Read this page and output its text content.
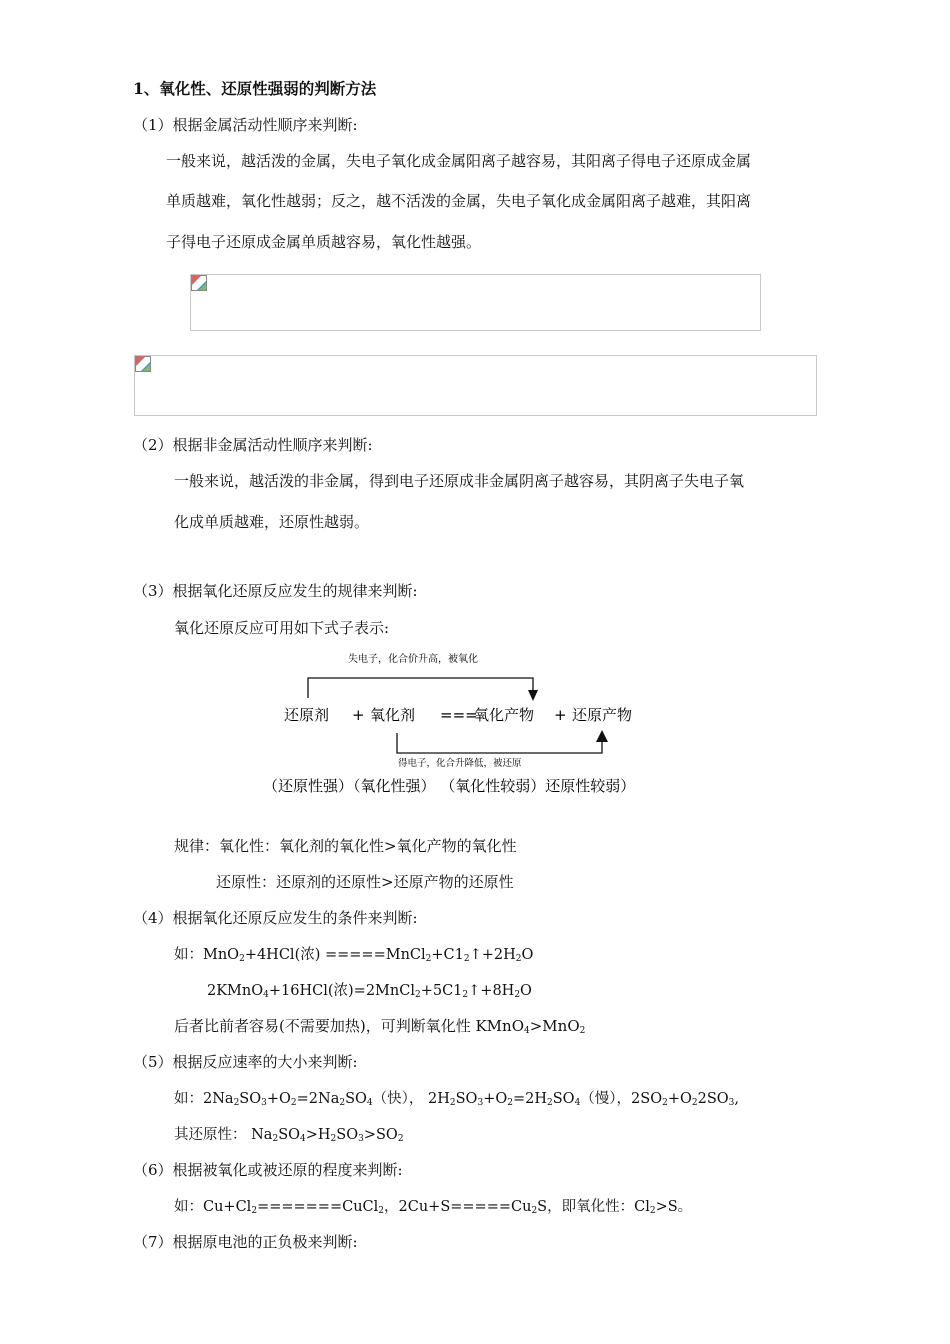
1、氧化性、还原性强弱的判断方法
（1）根据金属活动性顺序来判断:
一般来说，越活泼的金属，失电子氧化成金属阳离子越容易，其阳离子得电子还原成金属
单质越难，氧化性越弱；反之，越不活泼的金属，失电子氧化成金属阳离子越难，其阳离
子得电子还原成金属单质越容易，氧化性越强。
（2）根据非金属活动性顺序来判断:
一般来说，越活泼的非金属，得到电子还原成非金属阴离子越容易，其阴离子失电子氧
化成单质越难，还原性越弱。
（3）根据氧化还原反应发生的规律来判断:
氧化还原反应可用如下式子表示:
失电子，化合价升高，被氧化
还原剂 + 氧化剂 ===
氧化产物 + 还原产物
得电子，化合升降低，被还原
（还原性强）（氧化性强） （氧化性较弱）还原性较弱）
规律：氧化性：氧化剂的氧化性>氧化产物的氧化性
还原性：还原剂的还原性>还原产物的还原性
（4）根据氧化还原反应发生的条件来判断:
如：MnO$_2$+4HCl(浓) $=====MnCl_2+C1_2↑+2H_2O$
2KMnO$_4$+16HCl(浓)$=2MnCl_2+5C1_2↑+8H_2O$
后者比前者容易(不需要加热)，可判断氧化性 KMnO$_4$>MnO$_2$
（5）根据反应速率的大小来判断:
如：$2Na_2SO_3+O_2=2Na_2SO_4$（快）， $2H_2SO_3+O_2=2H_2SO_4$（慢），$2SO_2+O_22SO_3$,
其还原性： $Na_2SO_4>H_2SO_3>SO_2$
（6）根据被氧化或被还原的程度来判断:
如：$Cu+Cl_2=======CuCl_2$，$2Cu+S=====Cu_2S$，即氧化性：$Cl_2>S$。
（7）根据原电池的正负极来判断:
